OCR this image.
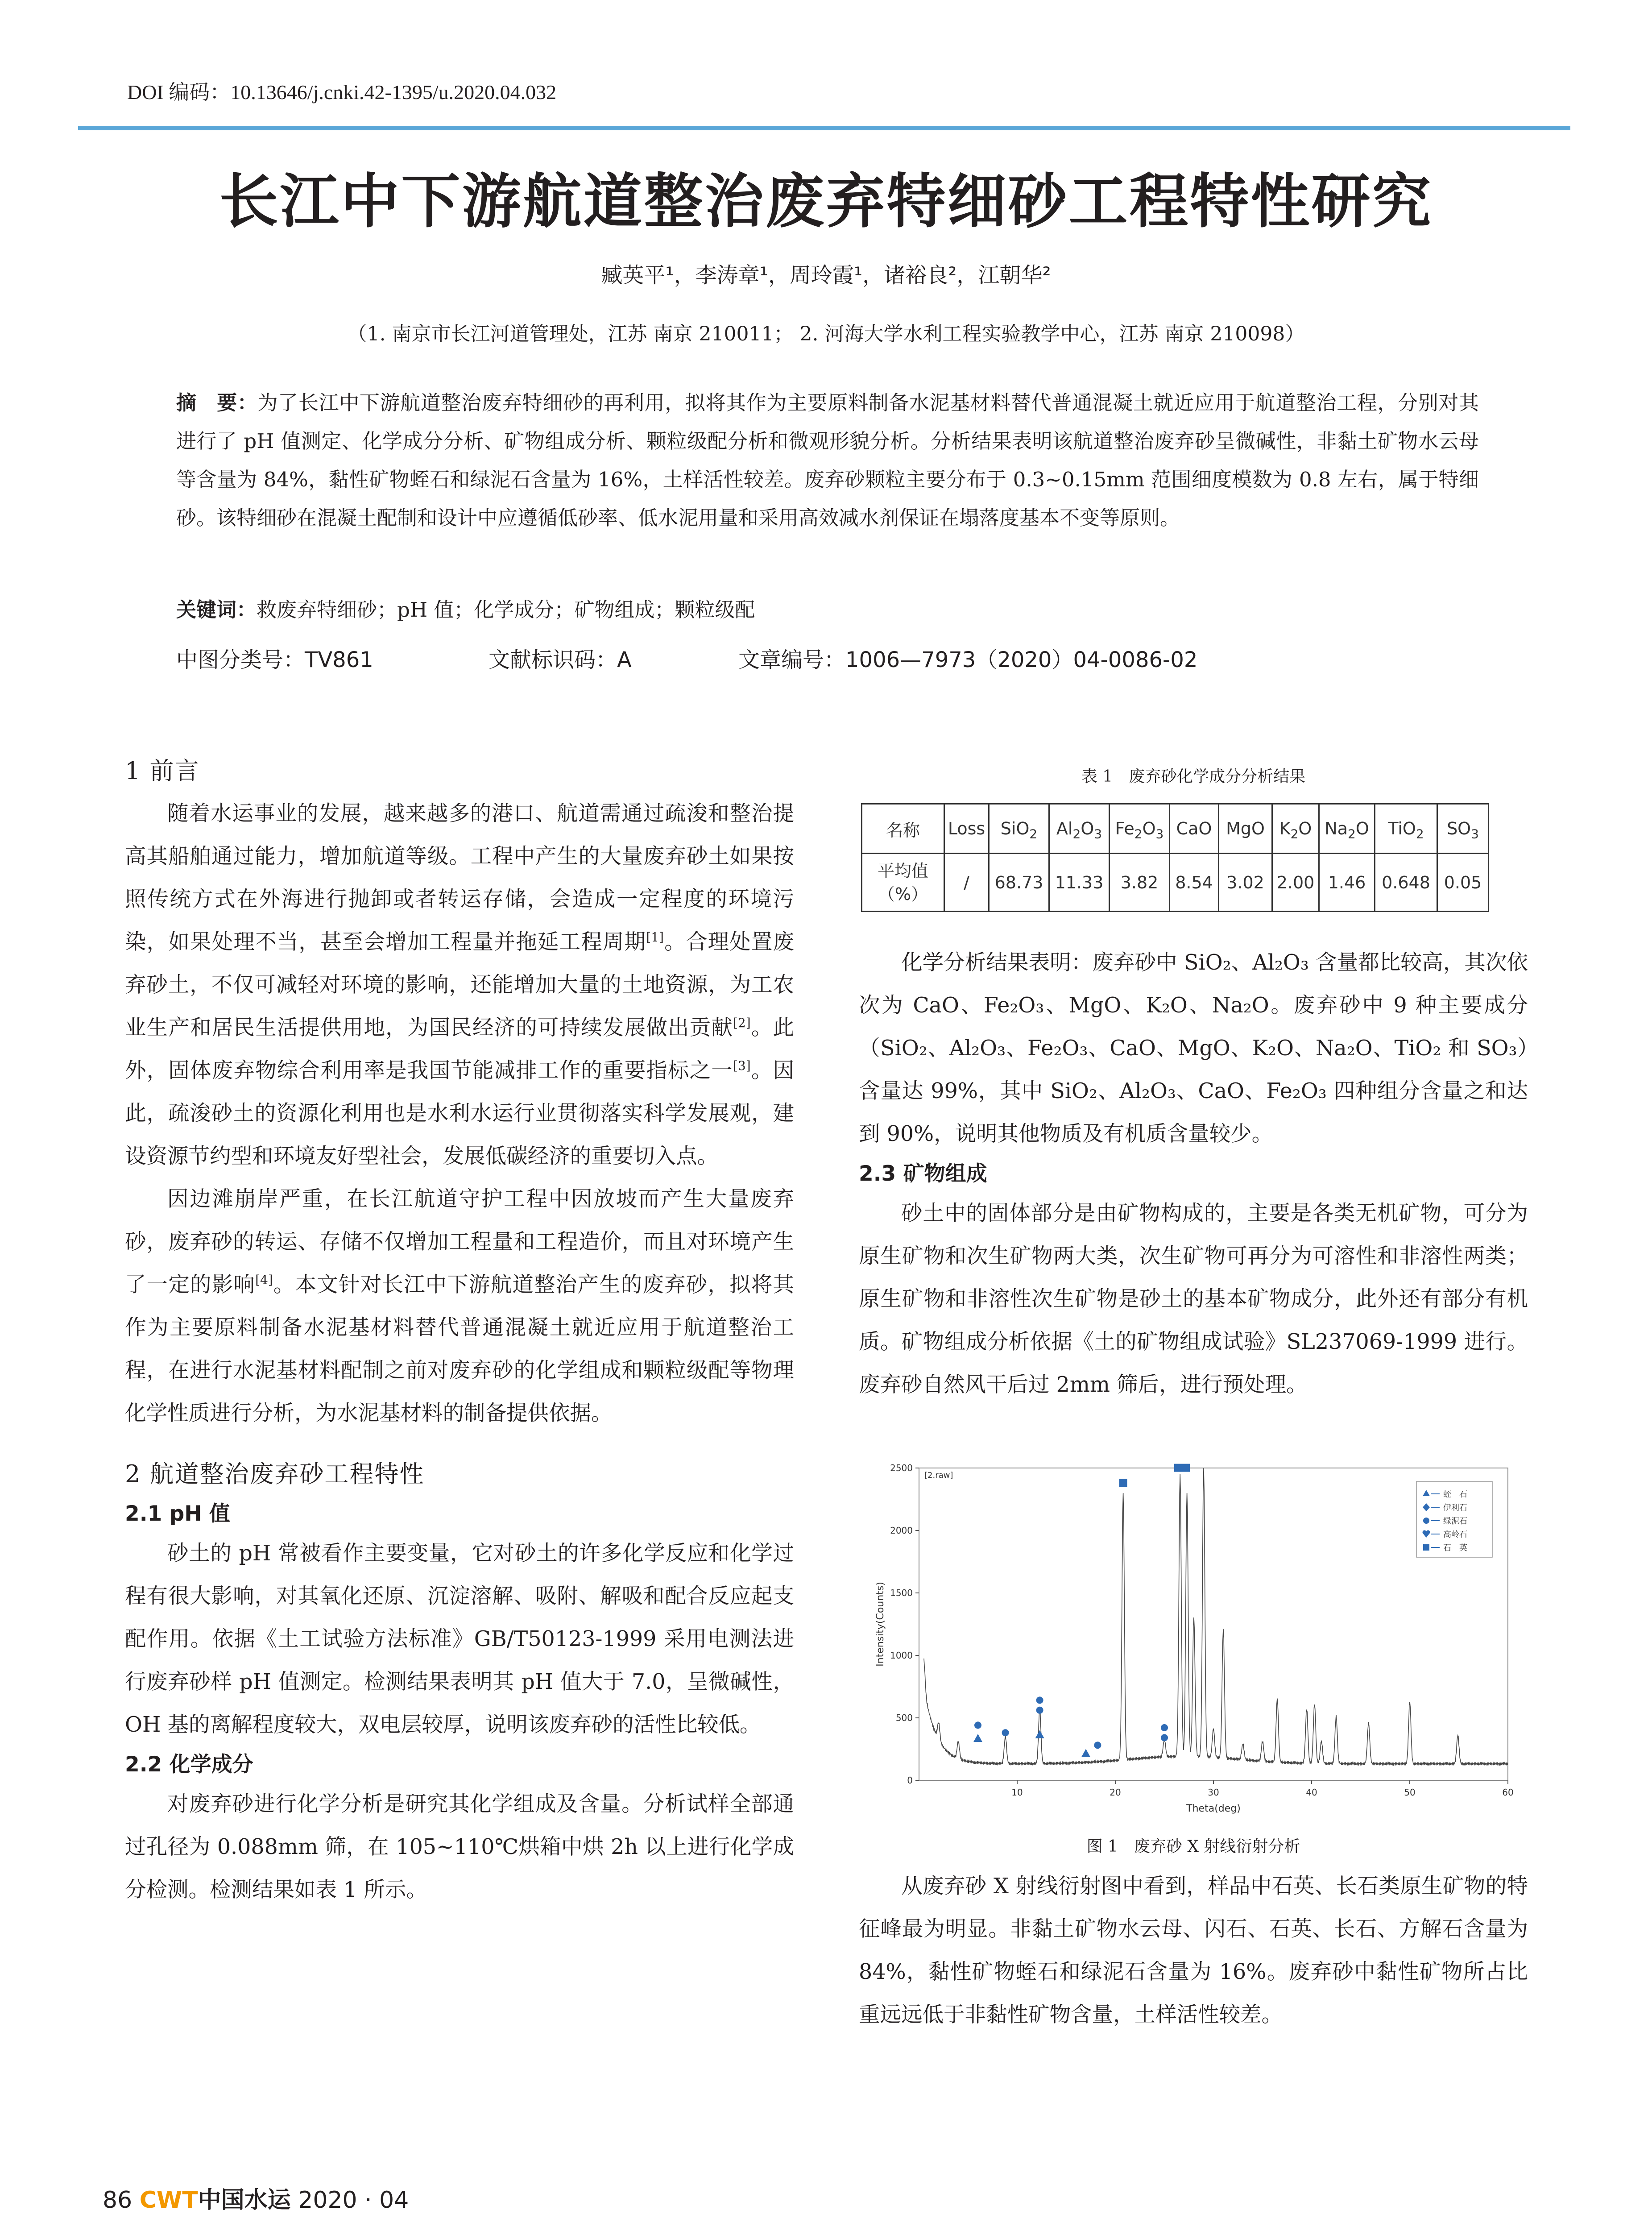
DOI 编码：10.13646/j.cnki.42-1395/u.2020.04.032
长江中下游航道整治废弃特细砂工程特性研究
臧英平¹，李涛章¹，周玲霞¹，诸裕良²，江朝华²
（1. 南京市长江河道管理处，江苏 南京 210011； 2. 河海大学水利工程实验教学中心，江苏 南京 210098）
摘　要：为了长江中下游航道整治废弃特细砂的再利用，拟将其作为主要原料制备水泥基材料替代普通混凝土就近应用于航道整治工程，分别对其进行了 pH 值测定、化学成分分析、矿物组成分析、颗粒级配分析和微观形貌分析。分析结果表明该航道整治废弃砂呈微碱性，非黏土矿物水云母等含量为 84%，黏性矿物蛭石和绿泥石含量为 16%，土样活性较差。废弃砂颗粒主要分布于 0.3~0.15mm 范围细度模数为 0.8 左右，属于特细砂。该特细砂在混凝土配制和设计中应遵循低砂率、低水泥用量和采用高效减水剂保证在塌落度基本不变等原则。
关键词：救废弃特细砂；pH 值；化学成分；矿物组成；颗粒级配
中图分类号：TV861	文献标识码：A	文章编号：1006—7973（2020）04-0086-02
1 前言

随着水运事业的发展，越来越多的港口、航道需通过疏浚和整治提高其船舶通过能力，增加航道等级。工程中产生的大量废弃砂土如果按照传统方式在外海进行抛卸或者转运存储，会造成一定程度的环境污染，如果处理不当，甚至会增加工程量并拖延工程周期[1]。合理处置废弃砂土，不仅可减轻对环境的影响，还能增加大量的土地资源，为工农业生产和居民生活提供用地，为国民经济的可持续发展做出贡献[2]。此外，固体废弃物综合利用率是我国节能减排工作的重要指标之一[3]。因此，疏浚砂土的资源化利用也是水利水运行业贯彻落实科学发展观，建设资源节约型和环境友好型社会，发展低碳经济的重要切入点。

因边滩崩岸严重，在长江航道守护工程中因放坡而产生大量废弃砂，废弃砂的转运、存储不仅增加工程量和工程造价，而且对环境产生了一定的影响[4]。本文针对长江中下游航道整治产生的废弃砂，拟将其作为主要原料制备水泥基材料替代普通混凝土就近应用于航道整治工程，在进行水泥基材料配制之前对废弃砂的化学组成和颗粒级配等物理化学性质进行分析，为水泥基材料的制备提供依据。

2 航道整治废弃砂工程特性
2.1 pH 值

砂土的 pH 常被看作主要变量，它对砂土的许多化学反应和化学过程有很大影响，对其氧化还原、沉淀溶解、吸附、解吸和配合反应起支配作用。依据《土工试验方法标准》GB/T50123-1999 采用电测法进行废弃砂样 pH 值测定。检测结果表明其 pH 值大于 7.0，呈微碱性，OH 基的离解程度较大，双电层较厚，说明该废弃砂的活性比较低。

2.2 化学成分

对废弃砂进行化学分析是研究其化学组成及含量。分析试样全部通过孔径为 0.088mm 筛，在 105~110℃烘箱中烘 2h 以上进行化学成分检测。检测结果如表 1 所示。

表 1　废弃砂化学成分分析结果
名称	Loss	SiO$_2$	$Al_2O_3$	$Fe_2O_3$	CaO	MgO	$K_2O$	$Na_2O$	TiO$_2$	$SO_3$
平均值
（%）	/	68.73	11.33	3.82	8.54	3.02	2.00	1.46	0.648	0.05

化学分析结果表明：废弃砂中 SiO₂、Al₂O₃ 含量都比较高，其次依次为 CaO、Fe₂O₃、MgO、K₂O、Na₂O。废弃砂中 9 种主要成分（SiO₂、Al₂O₃、Fe₂O₃、CaO、MgO、K₂O、Na₂O、TiO₂ 和 SO₃）含量达 99%，其中 SiO₂、Al₂O₃、CaO、Fe₂O₃ 四种组分含量之和达到 90%，说明其他物质及有机质含量较少。

2.3 矿物组成

砂土中的固体部分是由矿物构成的，主要是各类无机矿物，可分为原生矿物和次生矿物两大类，次生矿物可再分为可溶性和非溶性两类；原生矿物和非溶性次生矿物是砂土的基本矿物成分，此外还有部分有机质。矿物组成分析依据《土的矿物组成试验》SL237069-1999 进行。废弃砂自然风干后过 2mm 筛后，进行预处理。

10	20	30	40	50	60
0
500
1000
1500
2000
2500
Theta(deg)
Intensity(Counts)
[2.raw]
蛭　石
伊利石
绿泥石
高岭石
石　英
图 1　废弃砂 X 射线衍射分析

从废弃砂 X 射线衍射图中看到，样品中石英、长石类原生矿物的特征峰最为明显。非黏土矿物水云母、闪石、石英、长石、方解石含量为 84%，黏性矿物蛭石和绿泥石含量为 16%。废弃砂中黏性矿物所占比重远远低于非黏性矿物含量，土样活性较差。

86 CWT中国水运 2020 · 04
